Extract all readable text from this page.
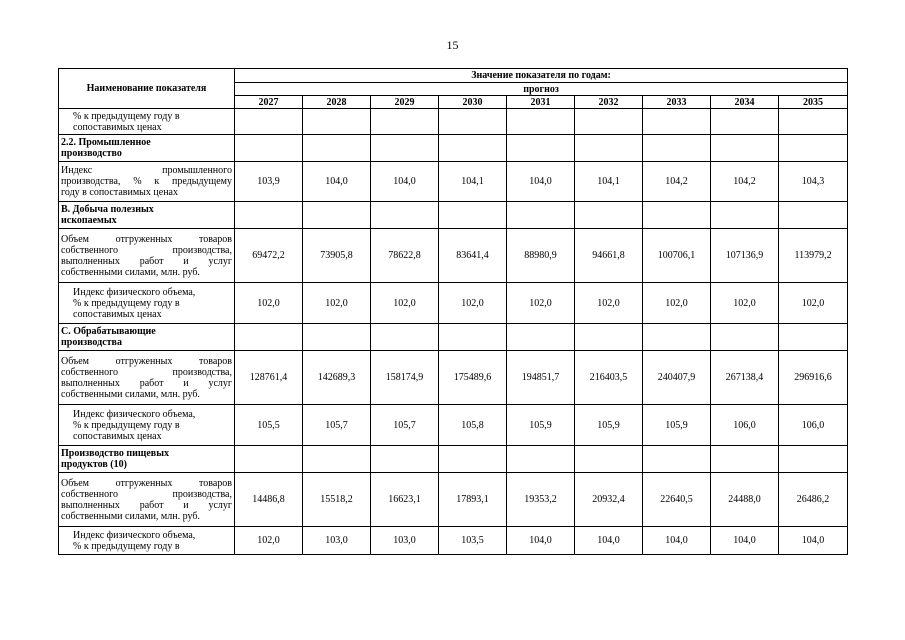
15
Наименование показателя	Значение показателя по годам:								
	прогноз								
	2027	2028	2029	2030	2031	2032	2033	2034	2035

% к предыдущему году в
сопоставимых ценах									

2.2. Промышленное
производство									

Индекс промышленного
производства, % к предыдущему
году в сопоставимых ценах	103,9	104,0	104,0	104,1	104,0	104,1	104,2	104,2	104,3

B. Добыча полезных
ископаемых									

Объем отгруженных товаров
собственного производства,
выполненных работ и услуг
собственными силами, млн. руб.	69472,2	73905,8	78622,8	83641,4	88980,9	94661,8	100706,1	107136,9	113979,2

Индекс физического объема,
% к предыдущему году в
сопоставимых ценах	102,0	102,0	102,0	102,0	102,0	102,0	102,0	102,0	102,0

C. Обрабатывающие
производства									

Объем отгруженных товаров
собственного производства,
выполненных работ и услуг
собственными силами, млн. руб.	128761,4	142689,3	158174,9	175489,6	194851,7	216403,5	240407,9	267138,4	296916,6

Индекс физического объема,
% к предыдущему году в
сопоставимых ценах	105,5	105,7	105,7	105,8	105,9	105,9	105,9	106,0	106,0

Производство пищевых
продуктов (10)									

Объем отгруженных товаров
собственного производства,
выполненных работ и услуг
собственными силами, млн. руб.	14486,8	15518,2	16623,1	17893,1	19353,2	20932,4	22640,5	24488,0	26486,2

Индекс физического объема,
% к предыдущему году в	102,0	103,0	103,0	103,5	104,0	104,0	104,0	104,0	104,0
